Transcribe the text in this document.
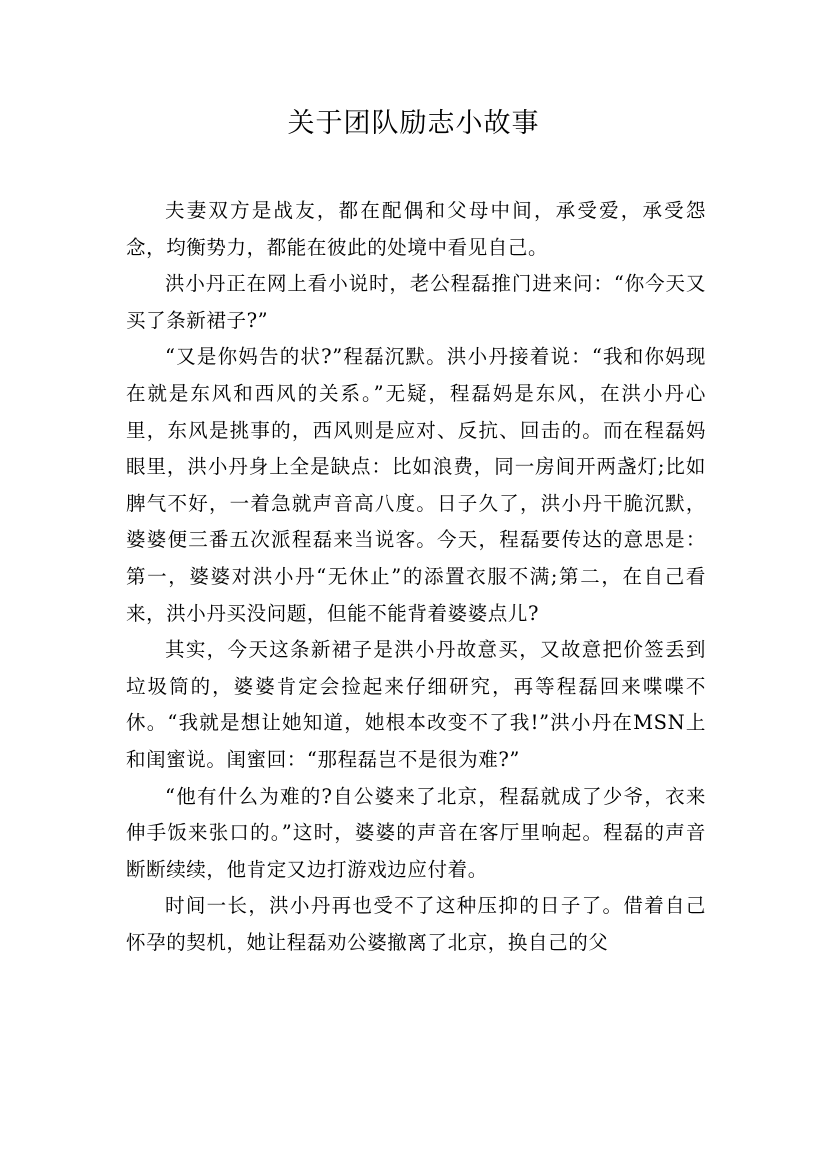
关于团队励志小故事

夫妻双方是战友，都在配偶和父母中间，承受爱，承受怨念，均衡势力，都能在彼此的处境中看见自己。

洪小丹正在网上看小说时，老公程磊推门进来问：“你今天又买了条新裙子?”

“又是你妈告的状?”程磊沉默。洪小丹接着说：“我和你妈现在就是东风和西风的关系。”无疑，程磊妈是东风，在洪小丹心里，东风是挑事的，西风则是应对、反抗、回击的。而在程磊妈眼里，洪小丹身上全是缺点：比如浪费，同一房间开两盏灯;比如脾气不好，一着急就声音高八度。日子久了，洪小丹干脆沉默，婆婆便三番五次派程磊来当说客。今天，程磊要传达的意思是：第一，婆婆对洪小丹“无休止”的添置衣服不满;第二，在自己看来，洪小丹买没问题，但能不能背着婆婆点儿?

其实，今天这条新裙子是洪小丹故意买，又故意把价签丢到垃圾筒的，婆婆肯定会捡起来仔细研究，再等程磊回来喋喋不休。“我就是想让她知道，她根本改变不了我!”洪小丹在MSN上和闺蜜说。闺蜜回：“那程磊岂不是很为难?”

“他有什么为难的?自公婆来了北京，程磊就成了少爷，衣来伸手饭来张口的。”这时，婆婆的声音在客厅里响起。程磊的声音断断续续，他肯定又边打游戏边应付着。

时间一长，洪小丹再也受不了这种压抑的日子了。借着自己怀孕的契机，她让程磊劝公婆撤离了北京，换自己的父
